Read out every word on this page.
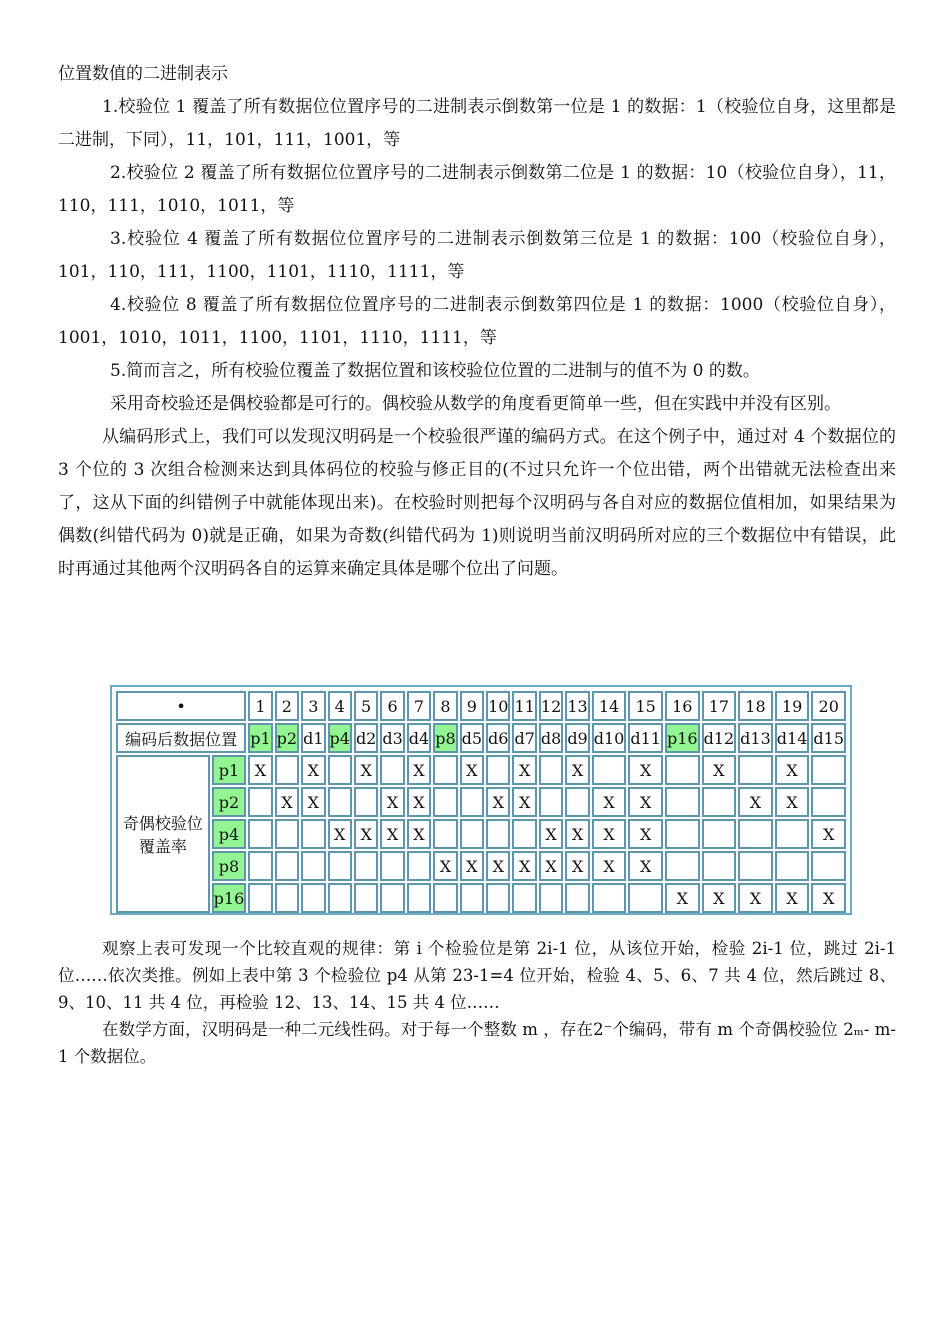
位置数值的二进制表示

1.校验位 1 覆盖了所有数据位位置序号的二进制表示倒数第一位是 1 的数据：1（校验位自身，这里都是二进制，下同），11，101，111，1001，等

2.校验位 2 覆盖了所有数据位位置序号的二进制表示倒数第二位是 1 的数据：10（校验位自身），11，110，111，1010，1011，等

3.校验位 4 覆盖了所有数据位位置序号的二进制表示倒数第三位是 1 的数据：100（校验位自身），101，110，111，1100，1101，1110，1111，等

4.校验位 8 覆盖了所有数据位位置序号的二进制表示倒数第四位是 1 的数据：1000（校验位自身），1001，1010，1011，1100，1101，1110，1111，等

5.简而言之，所有校验位覆盖了数据位置和该校验位位置的二进制与的值不为 0 的数。

采用奇校验还是偶校验都是可行的。偶校验从数学的角度看更简单一些，但在实践中并没有区别。

从编码形式上，我们可以发现汉明码是一个校验很严谨的编码方式。在这个例子中，通过对 4 个数据位的 3 个位的 3 次组合检测来达到具体码位的校验与修正目的(不过只允许一个位出错，两个出错就无法检查出来了，这从下面的纠错例子中就能体现出来)。在校验时则把每个汉明码与各自对应的数据位值相加，如果结果为偶数(纠错代码为 0)就是正确，如果为奇数(纠错代码为 1)则说明当前汉明码所对应的三个数据位中有错误，此时再通过其他两个汉明码各自的运算来确定具体是哪个位出了问题。

•		1	2	3	4	5	6	7	8	9	10	11	12	13	14	15	16	17	18	19	20
编码后数据位置		p1	p2	d1	p4	d2	d3	d4	p8	d5	d6	d7	d8	d9	d10	d11	p16	d12	d13	d14	d15

奇偶校验位
覆盖率	p1	X		X		X		X		X		X		X		X		X		X	
	p2		X	X			X	X			X	X			X	X			X	X	
	p4				X	X	X	X					X	X	X	X					X
	p8								X	X	X	X	X	X	X	X					
	p16																X	X	X	X	X

观察上表可发现一个比较直观的规律：第 i 个检验位是第 2i-1 位，从该位开始，检验 2i-1 位，跳过 2i-1 位……依次类推。例如上表中第 3 个检验位 p4 从第 23-1=4 位开始，检验 4、5、6、7 共 4 位，然后跳过 8、9、10、11 共 4 位，再检验 12、13、14、15 共 4 位……

在数学方面，汉明码是一种二元线性码。对于每一个整数 m ，存在2⁻个编码，带有 m 个奇偶校验位 2ₘ- m-1 个数据位。
